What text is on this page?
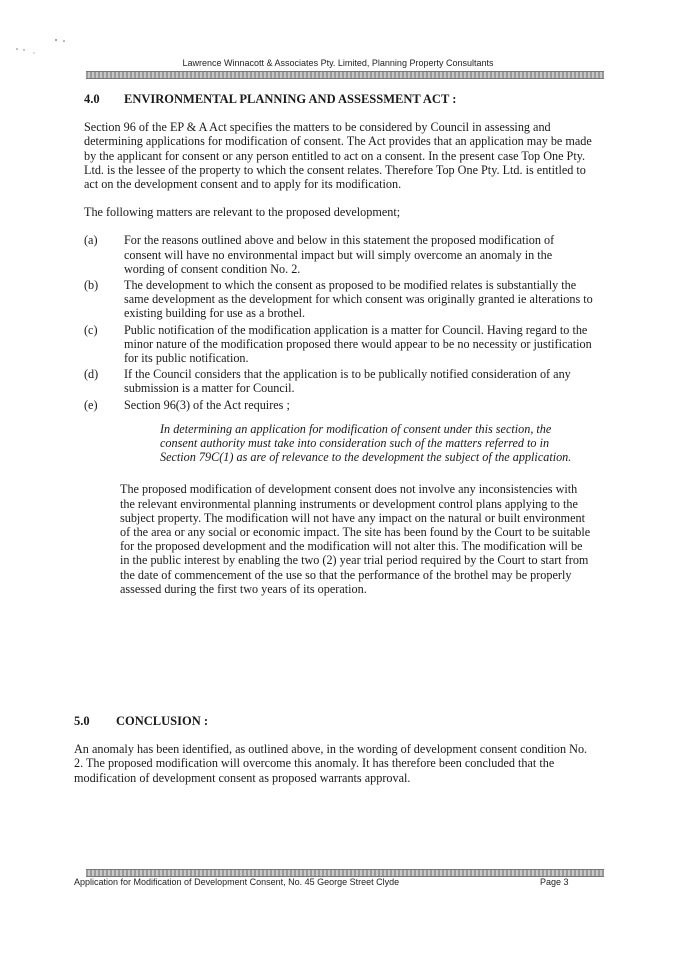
Lawrence Winnacott & Associates Pty. Limited, Planning Property Consultants
4.0 ENVIRONMENTAL PLANNING AND ASSESSMENT ACT :

Section 96 of the EP & A Act specifies the matters to be considered by Council in assessing and determining applications for modification of consent. The Act provides that an application may be made by the applicant for consent or any person entitled to act on a consent. In the present case Top One Pty. Ltd. is the lessee of the property to which the consent relates. Therefore Top One Pty. Ltd. is entitled to act on the development consent and to apply for its modification.

The following matters are relevant to the proposed development;

(a) For the reasons outlined above and below in this statement the proposed modification of consent will have no environmental impact but will simply overcome an anomaly in the wording of consent condition No. 2.
(b) The development to which the consent as proposed to be modified relates is substantially the same development as the development for which consent was originally granted ie alterations to existing building for use as a brothel.
(c) Public notification of the modification application is a matter for Council. Having regard to the minor nature of the modification proposed there would appear to be no necessity or justification for its public notification.
(d) If the Council considers that the application is to be publically notified consideration of any submission is a matter for Council.
(e) Section 96(3) of the Act requires ;
In determining an application for modification of consent under this section, the consent authority must take into consideration such of the matters referred to in Section 79C(1) as are of relevance to the development the subject of the application.

The proposed modification of development consent does not involve any inconsistencies with the relevant environmental planning instruments or development control plans applying to the subject property. The modification will not have any impact on the natural or built environment of the area or any social or economic impact. The site has been found by the Court to be suitable for the proposed development and the modification will not alter this. The modification will be in the public interest by enabling the two (2) year trial period required by the Court to start from the date of commencement of the use so that the performance of the brothel may be properly assessed during the first two years of its operation.

5.0 CONCLUSION :

An anomaly has been identified, as outlined above, in the wording of development consent condition No. 2. The proposed modification will overcome this anomaly. It has therefore been concluded that the modification of development consent as proposed warrants approval.

Application for Modification of Development Consent, No. 45 George Street Clyde	Page 3
